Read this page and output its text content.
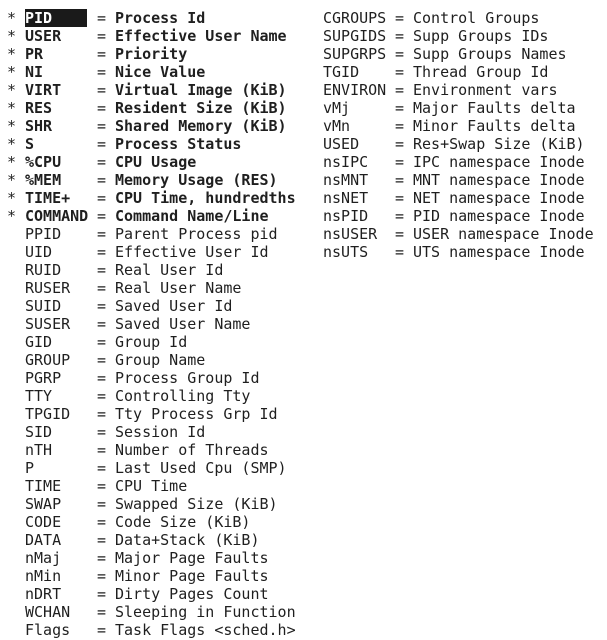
* PID	= Process Id
* USER = Effective User Name
* PR	= Priority
* NI	= Nice Value
* VIRT = Virtual Image (KiB)
* RES	= Resident Size (KiB)
* SHR	= Shared Memory (KiB)
* S	= Process Status
* %CPU = CPU Usage
* %MEM = Memory Usage (RES)
* TIME+ = CPU Time, hundredths
* COMMAND = Command Name/Line
PPID = Parent Process pid
UID	= Effective User Id
RUID = Real User Id
RUSER = Real User Name
SUID = Saved User Id
SUSER = Saved User Name
GID	= Group Id
GROUP = Group Name
PGRP = Process Group Id
TTY	= Controlling Tty
TPGID = Tty Process Grp Id
SID	= Session Id
nTH	= Number of Threads
P	= Last Used Cpu (SMP)
TIME = CPU Time
SWAP = Swapped Size (KiB)
CODE = Code Size (KiB)
DATA = Data+Stack (KiB)
nMaj = Major Page Faults
nMin = Minor Page Faults
nDRT = Dirty Pages Count
WCHAN = Sleeping in Function
Flags = Task Flags <sched.h>
CGROUPS = Control Groups
SUPGIDS = Supp Groups IDs
SUPGRPS = Supp Groups Names
TGID = Thread Group Id
ENVIRON = Environment vars
vMj	= Major Faults delta
vMn	= Minor Faults delta
USED = Res+Swap Size (KiB)
nsIPC = IPC namespace Inode
nsMNT = MNT namespace Inode
nsNET = NET namespace Inode
nsPID = PID namespace Inode
nsUSER = USER namespace Inode
nsUTS = UTS namespace Inode
